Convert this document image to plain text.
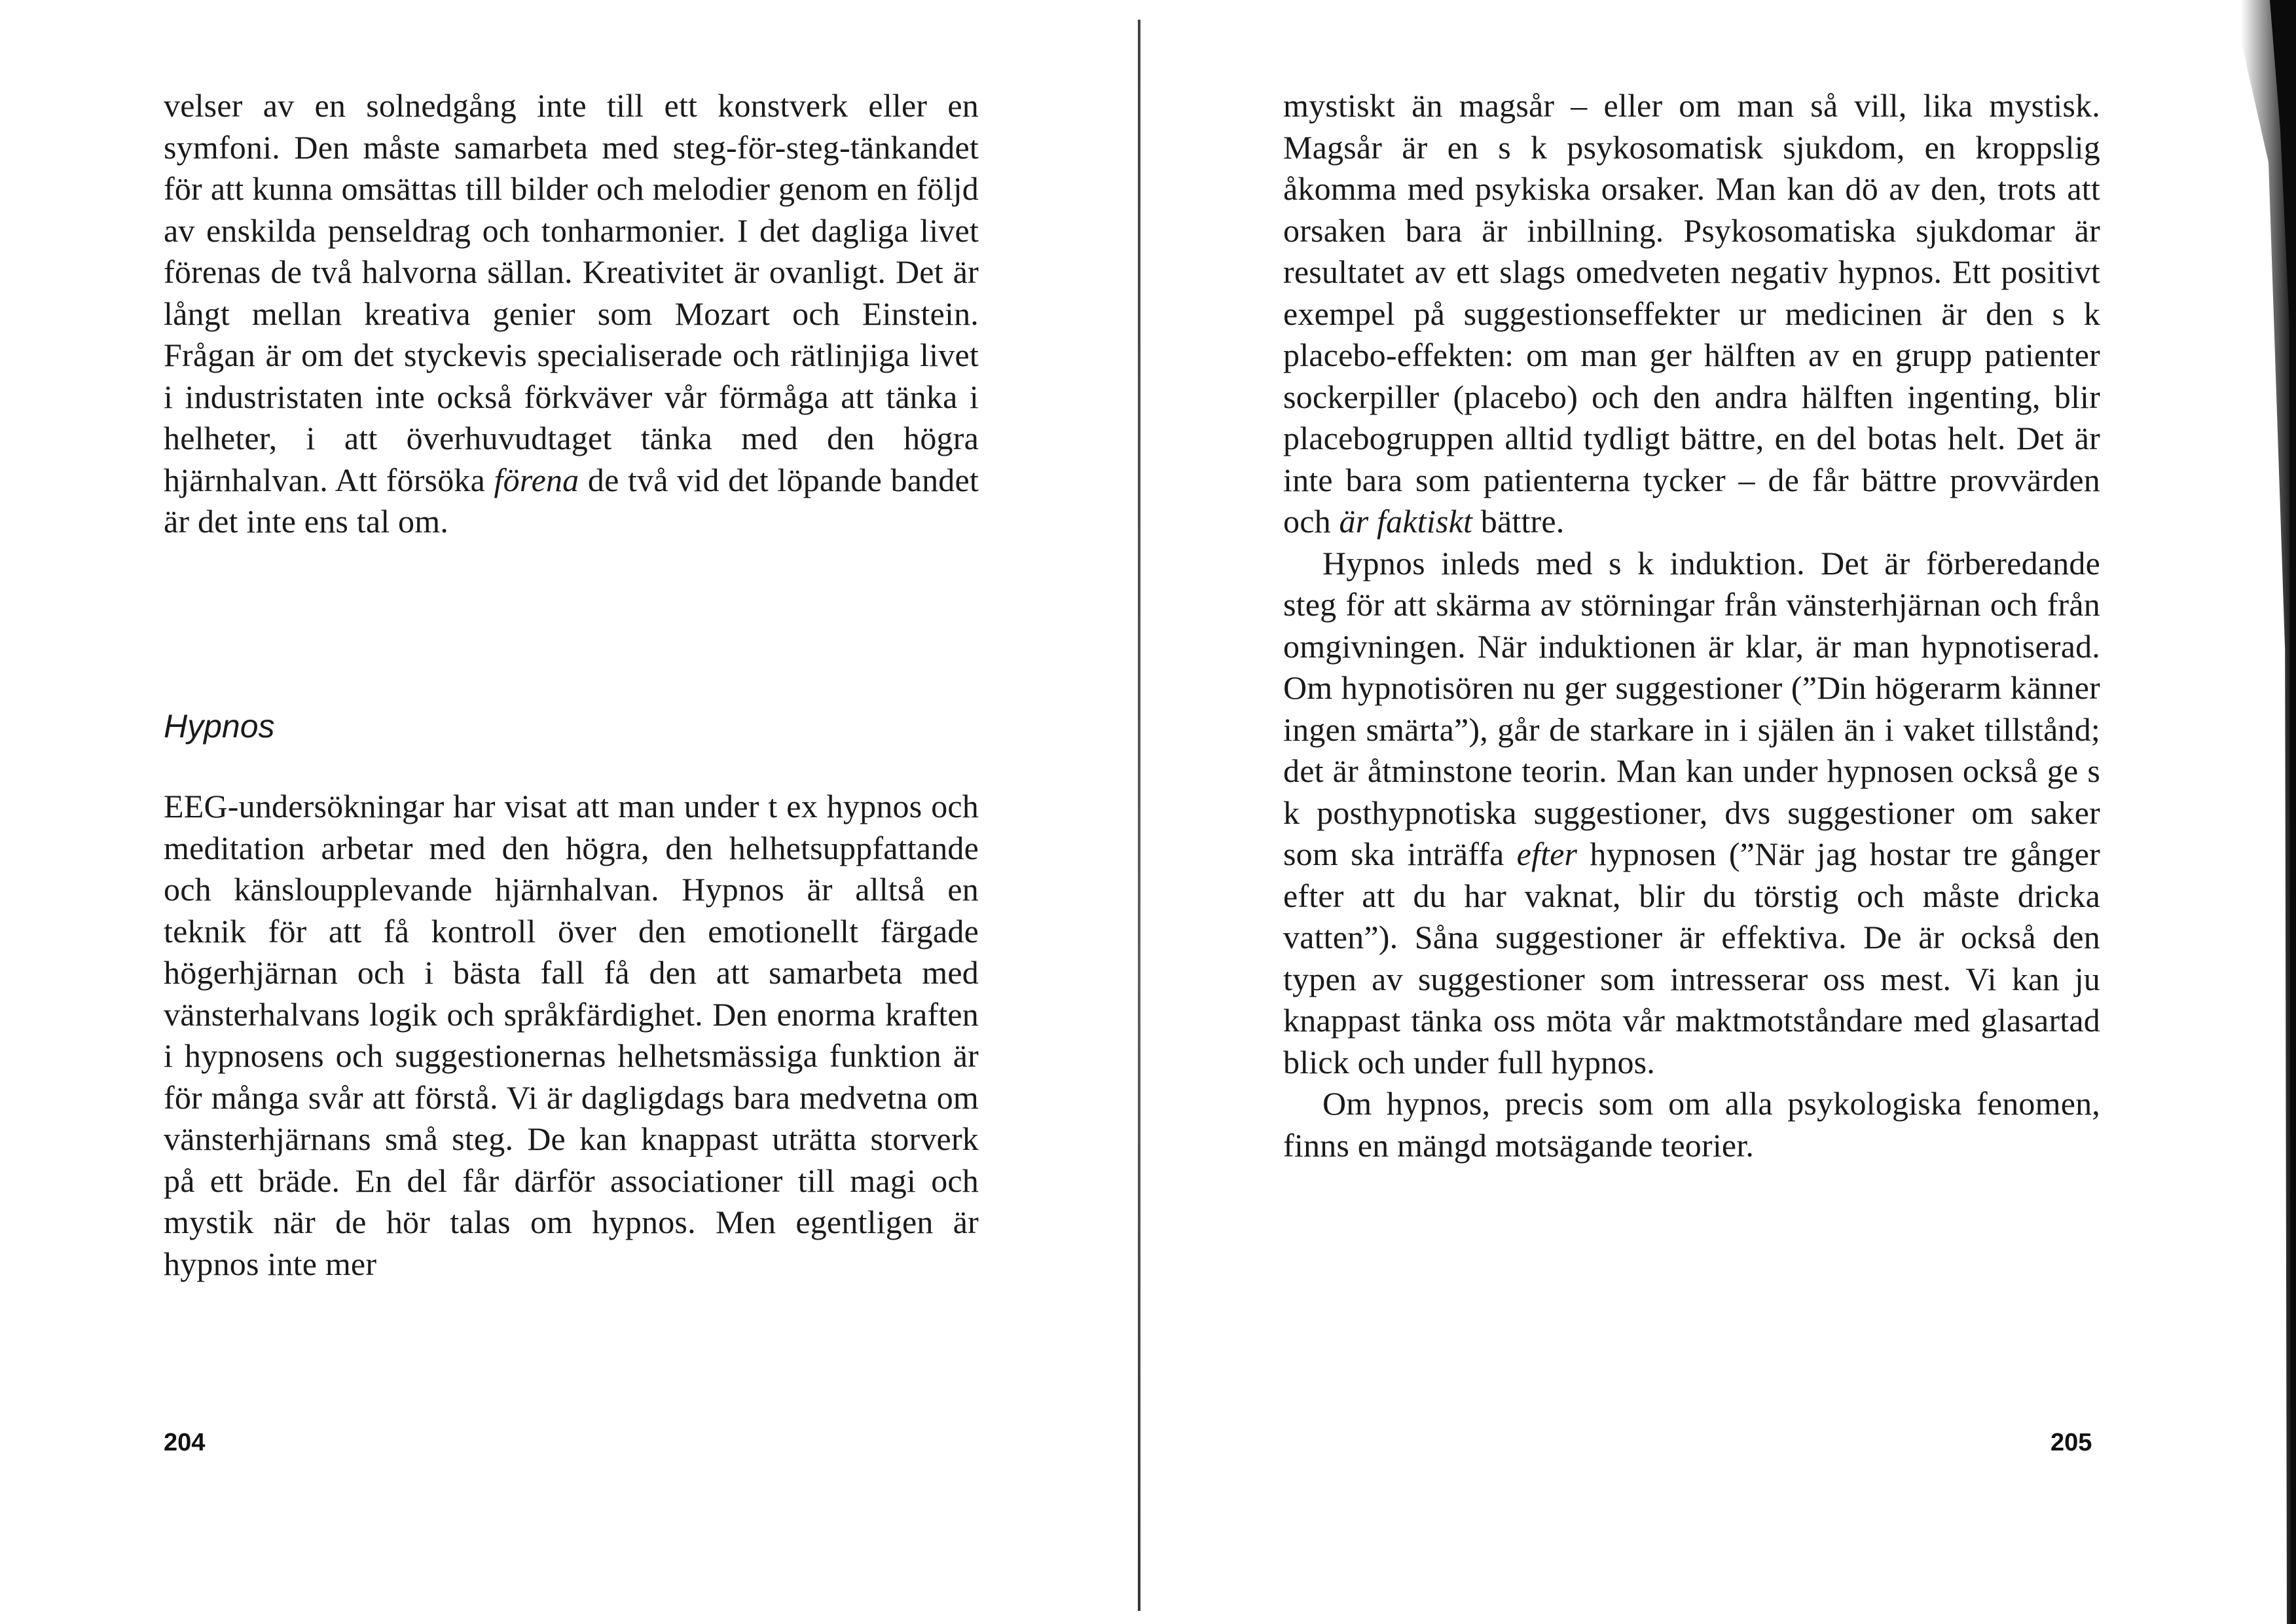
velser av en solnedgång inte till ett konstverk eller en symfoni. Den måste samarbeta med steg-för-steg-tänkandet för att kunna omsättas till bilder och melodier genom en följd av enskilda penseldrag och tonharmonier. I det dagliga livet förenas de två halvorna sällan. Kreativitet är ovanligt. Det är långt mellan kreativa genier som Mozart och Einstein. Frågan är om det styckevis specialiserade och rätlinjiga livet i industristaten inte också förkväver vår förmåga att tänka i helheter, i att överhuvudtaget tänka med den högra hjärnhalvan. Att försöka förena de två vid det löpande bandet är det inte ens tal om.

Hypnos

EEG-undersökningar har visat att man under t ex hypnos och meditation arbetar med den högra, den helhetsuppfattande och känsloupplevande hjärnhalvan. Hypnos är alltså en teknik för att få kontroll över den emotionellt färgade högerhjärnan och i bästa fall få den att samarbeta med vänsterhalvans logik och språkfärdighet. Den enorma kraften i hypnosens och suggestionernas helhetsmässiga funktion är för många svår att förstå. Vi är dagligdags bara medvetna om vänsterhjärnans små steg. De kan knappast uträtta storverk på ett bräde. En del får därför associationer till magi och mystik när de hör talas om hypnos. Men egentligen är hypnos inte mer

204

mystiskt än magsår – eller om man så vill, lika mystisk. Magsår är en s k psykosomatisk sjukdom, en kroppslig åkomma med psykiska orsaker. Man kan dö av den, trots att orsaken bara är inbillning. Psykosomatiska sjukdomar är resultatet av ett slags omedveten negativ hypnos. Ett positivt exempel på suggestionseffekter ur medicinen är den s k placebo-effekten: om man ger hälften av en grupp patienter sockerpiller (placebo) och den andra hälften ingenting, blir placebogruppen alltid tydligt bättre, en del botas helt. Det är inte bara som patienterna tycker – de får bättre provvärden och är faktiskt bättre.

Hypnos inleds med s k induktion. Det är förberedande steg för att skärma av störningar från vänsterhjärnan och från omgivningen. När induktionen är klar, är man hypnotiserad. Om hypnotisören nu ger suggestioner (”Din högerarm känner ingen smärta”), går de starkare in i själen än i vaket tillstånd; det är åtminstone teorin. Man kan under hypnosen också ge s k posthypnotiska suggestioner, dvs suggestioner om saker som ska inträffa efter hypnosen (”När jag hostar tre gånger efter att du har vaknat, blir du törstig och måste dricka vatten”). Såna suggestioner är effektiva. De är också den typen av suggestioner som intresserar oss mest. Vi kan ju knappast tänka oss möta vår maktmotståndare med glasartad blick och under full hypnos.

Om hypnos, precis som om alla psykologiska fenomen, finns en mängd motsägande teorier.

205
